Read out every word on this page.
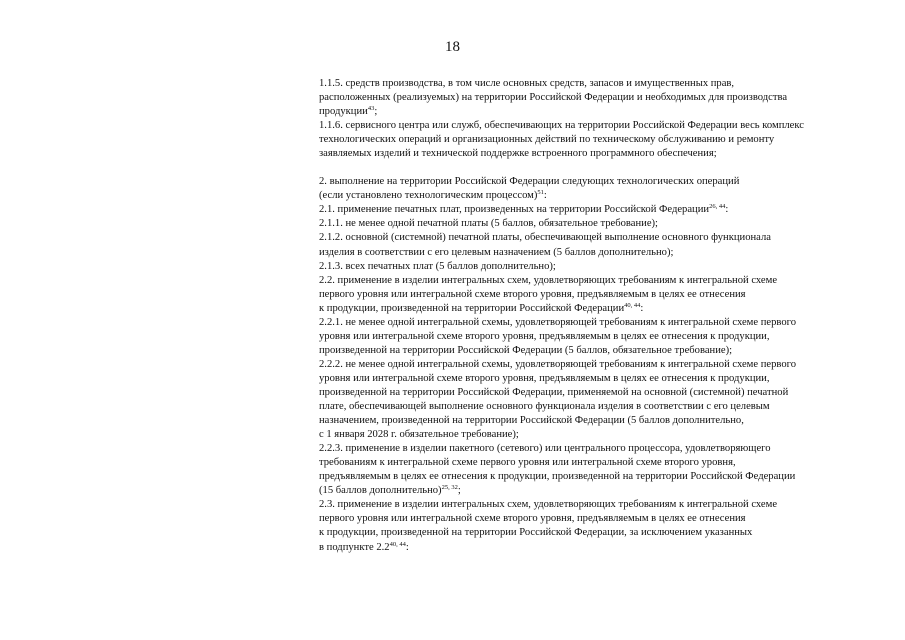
18
1.1.5. средств производства, в том числе основных средств, запасов и имущественных прав,
расположенных (реализуемых) на территории Российской Федерации и необходимых для производства
продукции$^{43}$;
1.1.6. сервисного центра или служб, обеспечивающих на территории Российской Федерации весь комплекс
технологических операций и организационных действий по техническому обслуживанию и ремонту
заявляемых изделий и технической поддержке встроенного программного обеспечения;
2. выполнение на территории Российской Федерации следующих технологических операций
(если установлено технологическим процессом)$^{51}$:
2.1. применение печатных плат, произведенных на территории Российской Федерации$^{26, 44}$:
2.1.1. не менее одной печатной платы (5 баллов, обязательное требование);
2.1.2. основной (системной) печатной платы, обеспечивающей выполнение основного функционала
изделия в соответствии с его целевым назначением (5 баллов дополнительно);
2.1.3. всех печатных плат (5 баллов дополнительно);
2.2. применение в изделии интегральных схем, удовлетворяющих требованиям к интегральной схеме
первого уровня или интегральной схеме второго уровня, предъявляемым в целях ее отнесения
к продукции, произведенной на территории Российской Федерации$^{40, 44}$:
2.2.1. не менее одной интегральной схемы, удовлетворяющей требованиям к интегральной схеме первого
уровня или интегральной схеме второго уровня, предъявляемым в целях ее отнесения к продукции,
произведенной на территории Российской Федерации (5 баллов, обязательное требование);
2.2.2. не менее одной интегральной схемы, удовлетворяющей требованиям к интегральной схеме первого
уровня или интегральной схеме второго уровня, предъявляемым в целях ее отнесения к продукции,
произведенной на территории Российской Федерации, применяемой на основной (системной) печатной
плате, обеспечивающей выполнение основного функционала изделия в соответствии с его целевым
назначением, произведенной на территории Российской Федерации (5 баллов дополнительно,
с 1 января 2028 г. обязательное требование);
2.2.3. применение в изделии пакетного (сетевого) или центрального процессора, удовлетворяющего
требованиям к интегральной схеме первого уровня или интегральной схеме второго уровня,
предъявляемым в целях ее отнесения к продукции, произведенной на территории Российской Федерации
(15 баллов дополнительно)$^{25, 32}$;
2.3. применение в изделии интегральных схем, удовлетворяющих требованиям к интегральной схеме
первого уровня или интегральной схеме второго уровня, предъявляемым в целях ее отнесения
к продукции, произведенной на территории Российской Федерации, за исключением указанных
в подпункте 2.2$^{40, 44}$:
